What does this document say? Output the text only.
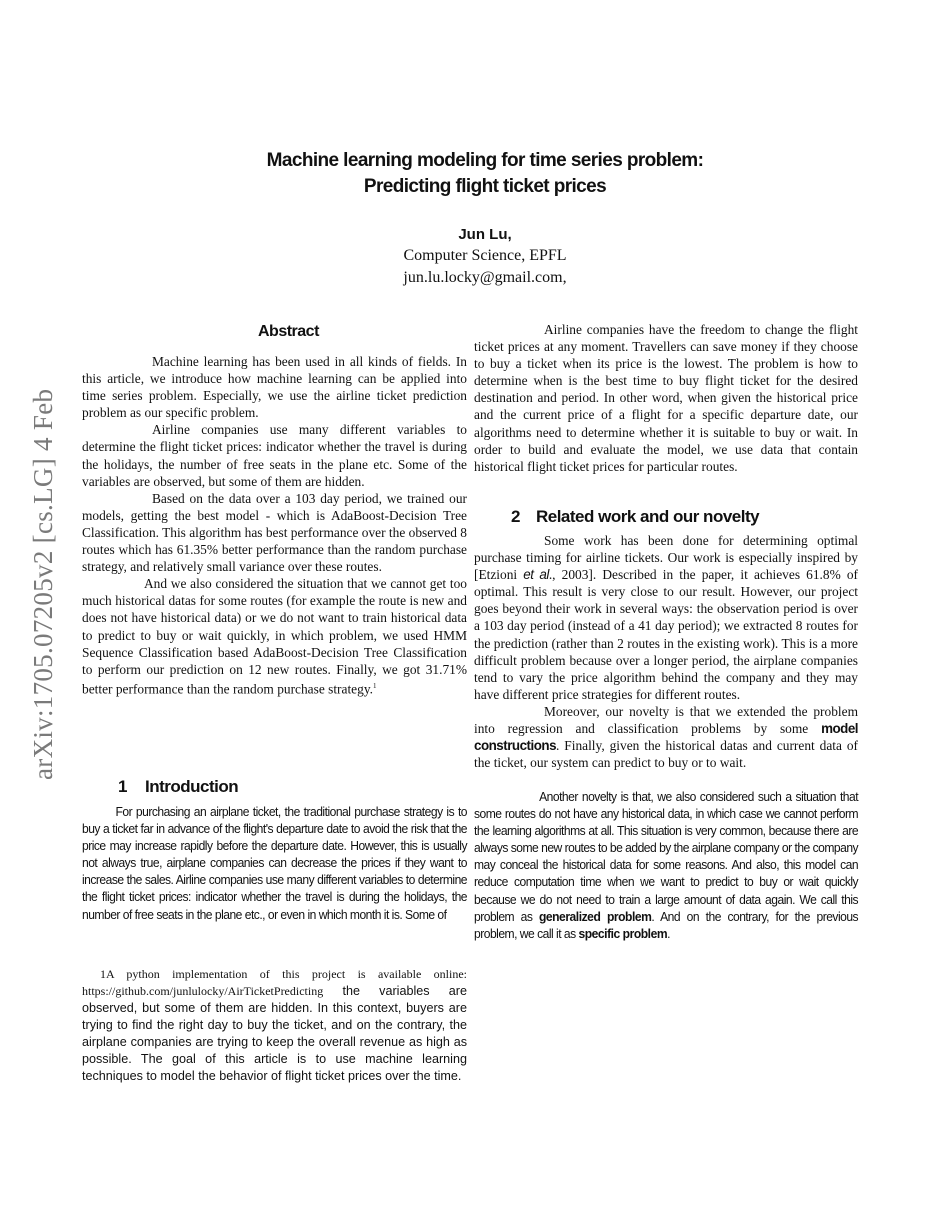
arXiv:1705.07205v2 [cs.LG] 4 Feb
Machine learning modeling for time series problem:
Predicting flight ticket prices
Jun Lu,
Computer Science, EPFL
jun.lu.locky@gmail.com,
Abstract

Machine learning has been used in all kinds of fields. In this article, we introduce how machine learning can be applied into time series problem. Especially, we use the airline ticket prediction problem as our specific problem.

Airline companies use many different variables to determine the flight ticket prices: indicator whether the travel is during the holidays, the number of free seats in the plane etc. Some of the variables are observed, but some of them are hidden.

Based on the data over a 103 day period, we trained our models, getting the best model - which is AdaBoost-Decision Tree Classification. This algorithm has best performance over the observed 8 routes which has 61.35% better performance than the random purchase strategy, and relatively small variance over these routes.

And we also considered the situation that we cannot get too much historical datas for some routes (for example the route is new and does not have historical data) or we do not want to train historical data to predict to buy or wait quickly, in which problem, we used HMM Sequence Classification based AdaBoost-Decision Tree Classification to perform our prediction on 12 new routes. Finally, we got 31.71% better performance than the random purchase strategy.$^1$

1 Introduction

For purchasing an airplane ticket, the traditional purchase strategy is to buy a ticket far in advance of the flight's departure date to avoid the risk that the price may increase rapidly before the departure date. However, this is usually not always true, airplane companies can decrease the prices if they want to increase the sales. Airline companies use many different variables to determine the flight ticket prices: indicator whether the travel is during the holidays, the number of free seats in the plane etc., or even in which month it is. Some of

1A python implementation of this project is available online: https://github.com/junlulocky/AirTicketPredicting the variables are observed, but some of them are hidden. In this context, buyers are trying to find the right day to buy the ticket, and on the contrary, the airplane companies are trying to keep the overall revenue as high as possible. The goal of this article is to use machine learning techniques to model the behavior of flight ticket prices over the time.

Airline companies have the freedom to change the flight ticket prices at any moment. Travellers can save money if they choose to buy a ticket when its price is the lowest. The problem is how to determine when is the best time to buy flight ticket for the desired destination and period. In other word, when given the historical price and the current price of a flight for a specific departure date, our algorithms need to determine whether it is suitable to buy or wait. In order to build and evaluate the model, we use data that contain historical flight ticket prices for particular routes.

2 Related work and our novelty

Some work has been done for determining optimal purchase timing for airline tickets. Our work is especially inspired by [Etzioni et al., 2003]. Described in the paper, it achieves 61.8% of optimal. This result is very close to our result. However, our project goes beyond their work in several ways: the observation period is over a 103 day period (instead of a 41 day period); we extracted 8 routes for the prediction (rather than 2 routes in the existing work). This is a more difficult problem because over a longer period, the airplane companies tend to vary the price algorithm behind the company and they may have different price strategies for different routes.

Moreover, our novelty is that we extended the problem into regression and classification problems by some model constructions. Finally, given the historical datas and current data of the ticket, our system can predict to buy or to wait.

Another novelty is that, we also considered such a situation that some routes do not have any historical data, in which case we cannot perform the learning algorithms at all. This situation is very common, because there are always some new routes to be added by the airplane company or the company may conceal the historical data for some reasons. And also, this model can reduce computation time when we want to predict to buy or wait quickly because we do not need to train a large amount of data again. We call this problem as generalized problem. And on the contrary, for the previous problem, we call it as specific problem.
